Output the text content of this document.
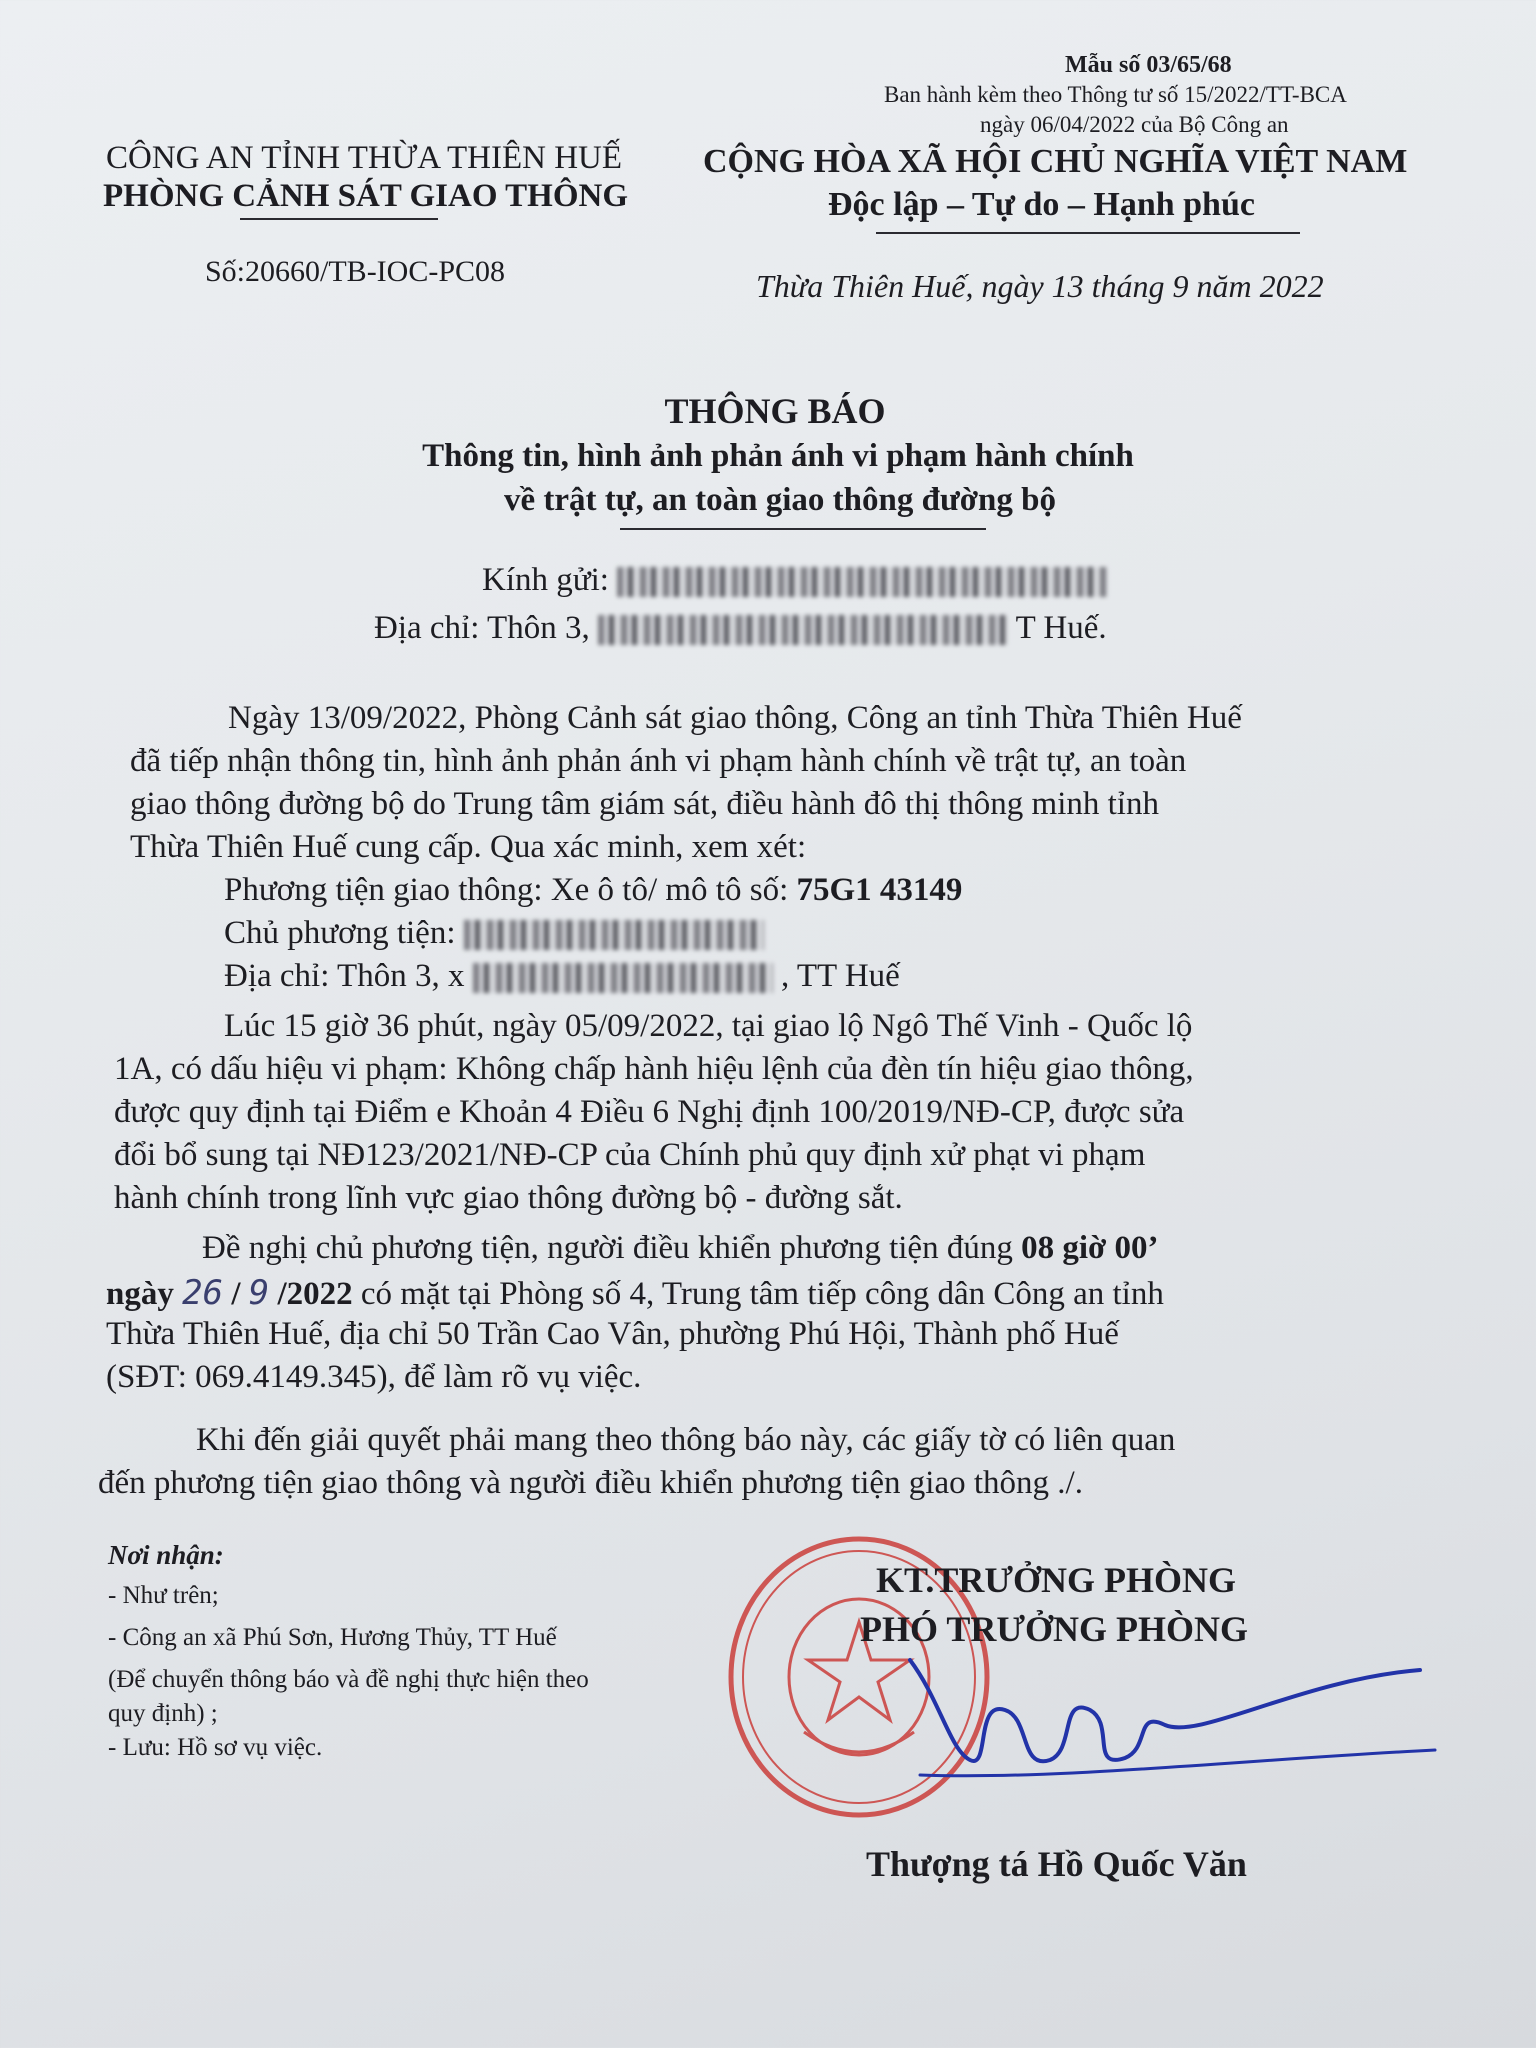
Mẫu số 03/65/68
Ban hành kèm theo Thông tư số 15/2022/TT-BCA
ngày 06/04/2022 của Bộ Công an
CÔNG AN TỈNH THỪA THIÊN HUẾ
PHÒNG CẢNH SÁT GIAO THÔNG
CỘNG HÒA XÃ HỘI CHỦ NGHĨA VIỆT NAM
Độc lập – Tự do – Hạnh phúc
Số:20660/TB-IOC-PC08	Thừa Thiên Huế, ngày 13 tháng 9 năm 2022
THÔNG BÁO
Thông tin, hình ảnh phản ánh vi phạm hành chính
về trật tự, an toàn giao thông đường bộ
Kính gửi:
Địa chỉ: Thôn 3,	T Huế.
Ngày 13/09/2022, Phòng Cảnh sát giao thông, Công an tỉnh Thừa Thiên Huế
đã tiếp nhận thông tin, hình ảnh phản ánh vi phạm hành chính về trật tự, an toàn
giao thông đường bộ do Trung tâm giám sát, điều hành đô thị thông minh tỉnh
Thừa Thiên Huế cung cấp. Qua xác minh, xem xét:
Phương tiện giao thông: Xe ô tô/ mô tô số: 75G1 43149
Chủ phương tiện:
Địa chỉ: Thôn 3, x	, TT Huế
Lúc 15 giờ 36 phút, ngày 05/09/2022, tại giao lộ Ngô Thế Vinh - Quốc lộ
1A, có dấu hiệu vi phạm: Không chấp hành hiệu lệnh của đèn tín hiệu giao thông,
được quy định tại Điểm e Khoản 4 Điều 6 Nghị định 100/2019/NĐ-CP, được sửa
đổi bổ sung tại NĐ123/2021/NĐ-CP của Chính phủ quy định xử phạt vi phạm
hành chính trong lĩnh vực giao thông đường bộ - đường sắt.
Đề nghị chủ phương tiện, người điều khiển phương tiện đúng 08 giờ 00’
ngày 26 / 9 /2022 có mặt tại Phòng số 4, Trung tâm tiếp công dân Công an tỉnh
Thừa Thiên Huế, địa chỉ 50 Trần Cao Vân, phường Phú Hội, Thành phố Huế
(SĐT: 069.4149.345), để làm rõ vụ việc.
Khi đến giải quyết phải mang theo thông báo này, các giấy tờ có liên quan
đến phương tiện giao thông và người điều khiển phương tiện giao thông ./.
Nơi nhận:
- Như trên;
- Công an xã Phú Sơn, Hương Thủy, TT Huế
(Để chuyển thông báo và đề nghị thực hiện theo
quy định) ;
- Lưu: Hồ sơ vụ việc.
KT.TRƯỞNG PHÒNG
PHÓ TRƯỞNG PHÒNG
Thượng tá Hồ Quốc Văn
